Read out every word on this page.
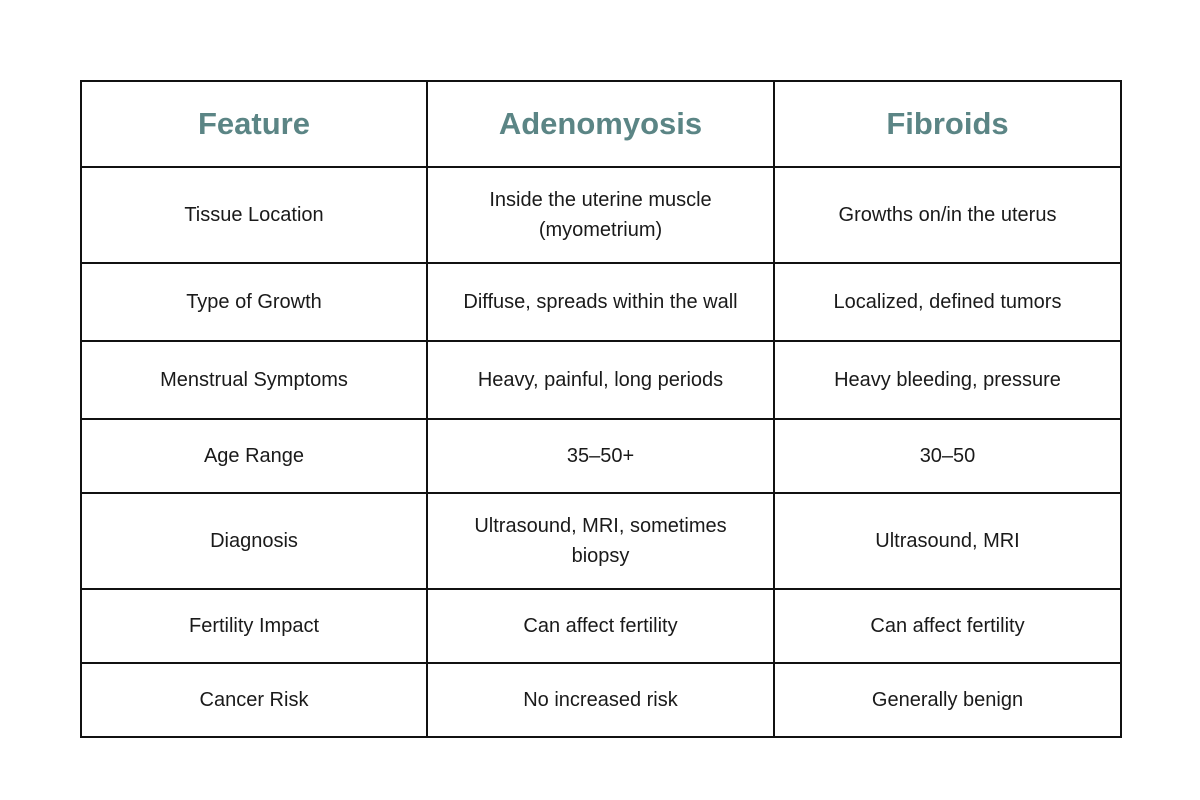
Feature	Adenomyosis	Fibroids
Tissue Location	Inside the uterine muscle (myometrium)	Growths on/in the uterus
Type of Growth	Diffuse, spreads within the wall	Localized, defined tumors
Menstrual Symptoms	Heavy, painful, long periods	Heavy bleeding, pressure
Age Range	35–50+	30–50
Diagnosis	Ultrasound, MRI, sometimes biopsy	Ultrasound, MRI
Fertility Impact	Can affect fertility	Can affect fertility
Cancer Risk	No increased risk	Generally benign
